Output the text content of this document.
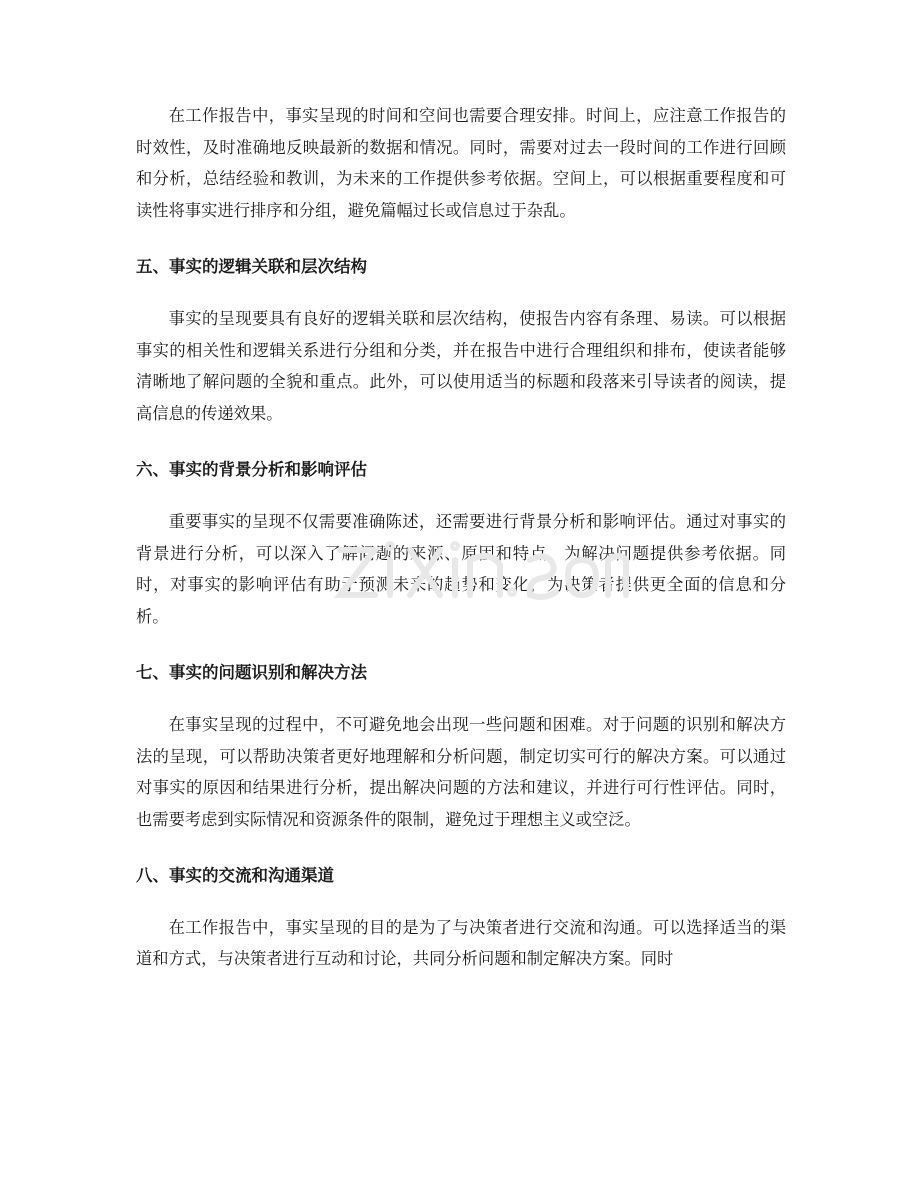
在工作报告中，事实呈现的时间和空间也需要合理安排。时间上，应注意工作报告的时效性，及时准确地反映最新的数据和情况。同时，需要对过去一段时间的工作进行回顾和分析，总结经验和教训，为未来的工作提供参考依据。空间上，可以根据重要程度和可读性将事实进行排序和分组，避免篇幅过长或信息过于杂乱。

五、事实的逻辑关联和层次结构

事实的呈现要具有良好的逻辑关联和层次结构，使报告内容有条理、易读。可以根据事实的相关性和逻辑关系进行分组和分类，并在报告中进行合理组织和排布，使读者能够清晰地了解问题的全貌和重点。此外，可以使用适当的标题和段落来引导读者的阅读，提高信息的传递效果。

六、事实的背景分析和影响评估

重要事实的呈现不仅需要准确陈述，还需要进行背景分析和影响评估。通过对事实的背景进行分析，可以深入了解问题的来源、原因和特点，为解决问题提供参考依据。同时，对事实的影响评估有助于预测未来的趋势和变化，为决策者提供更全面的信息和分析。

七、事实的问题识别和解决方法

在事实呈现的过程中，不可避免地会出现一些问题和困难。对于问题的识别和解决方法的呈现，可以帮助决策者更好地理解和分析问题，制定切实可行的解决方案。可以通过对事实的原因和结果进行分析，提出解决问题的方法和建议，并进行可行性评估。同时，也需要考虑到实际情况和资源条件的限制，避免过于理想主义或空泛。

八、事实的交流和沟通渠道

在工作报告中，事实呈现的目的是为了与决策者进行交流和沟通。可以选择适当的渠道和方式，与决策者进行互动和讨论，共同分析问题和制定解决方案。同时
